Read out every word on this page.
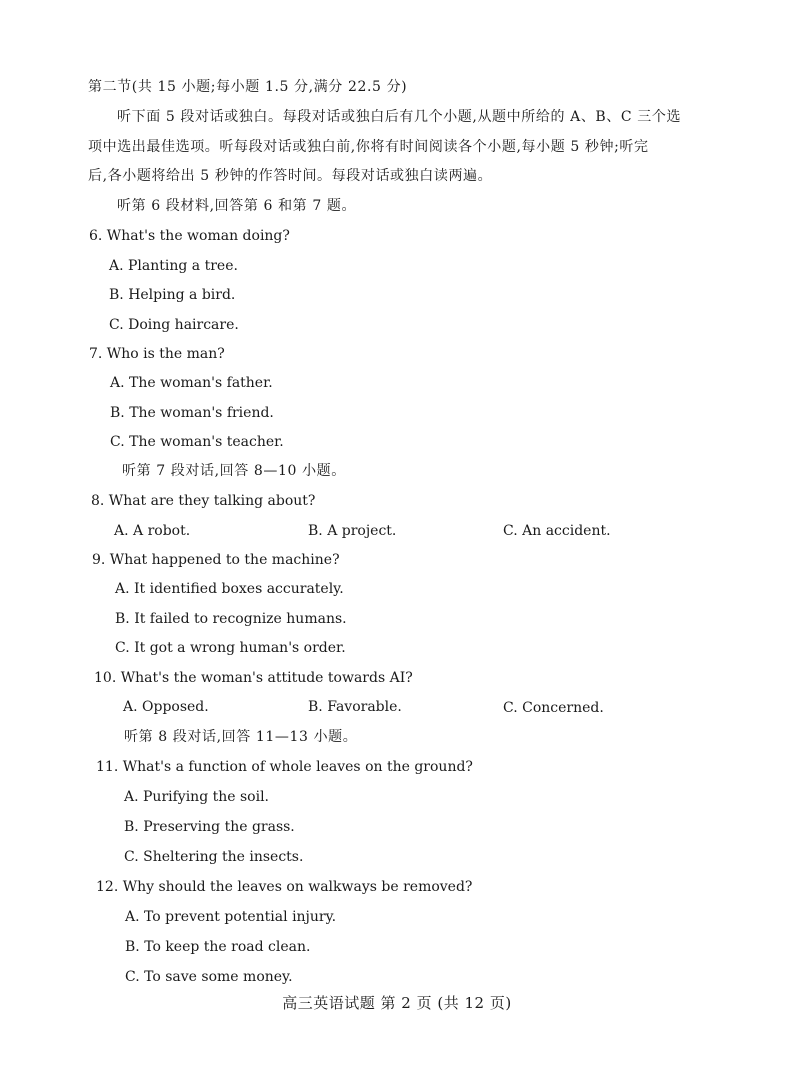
第二节(共 15 小题;每小题 1.5 分,满分 22.5 分)
听下面 5 段对话或独白。每段对话或独白后有几个小题,从题中所给的 A、B、C 三个选
项中选出最佳选项。听每段对话或独白前,你将有时间阅读各个小题,每小题 5 秒钟;听完
后,各小题将给出 5 秒钟的作答时间。每段对话或独白读两遍。
听第 6 段材料,回答第 6 和第 7 题。
6. What's the woman doing?
A. Planting a tree.
B. Helping a bird.
C. Doing haircare.
7. Who is the man?
A. The woman's father.
B. The woman's friend.
C. The woman's teacher.
听第 7 段对话,回答 8—10 小题。
8. What are they talking about?
A. A robot.	B. A project.	C. An accident.
9. What happened to the machine?
A. It identified boxes accurately.
B. It failed to recognize humans.
C. It got a wrong human's order.
10. What's the woman's attitude towards AI?
A. Opposed.	B. Favorable.	C. Concerned.
听第 8 段对话,回答 11—13 小题。
11. What's a function of whole leaves on the ground?
A. Purifying the soil.
B. Preserving the grass.
C. Sheltering the insects.
12. Why should the leaves on walkways be removed?
A. To prevent potential injury.
B. To keep the road clean.
C. To save some money.
高三英语试题 第 2 页 (共 12 页)
